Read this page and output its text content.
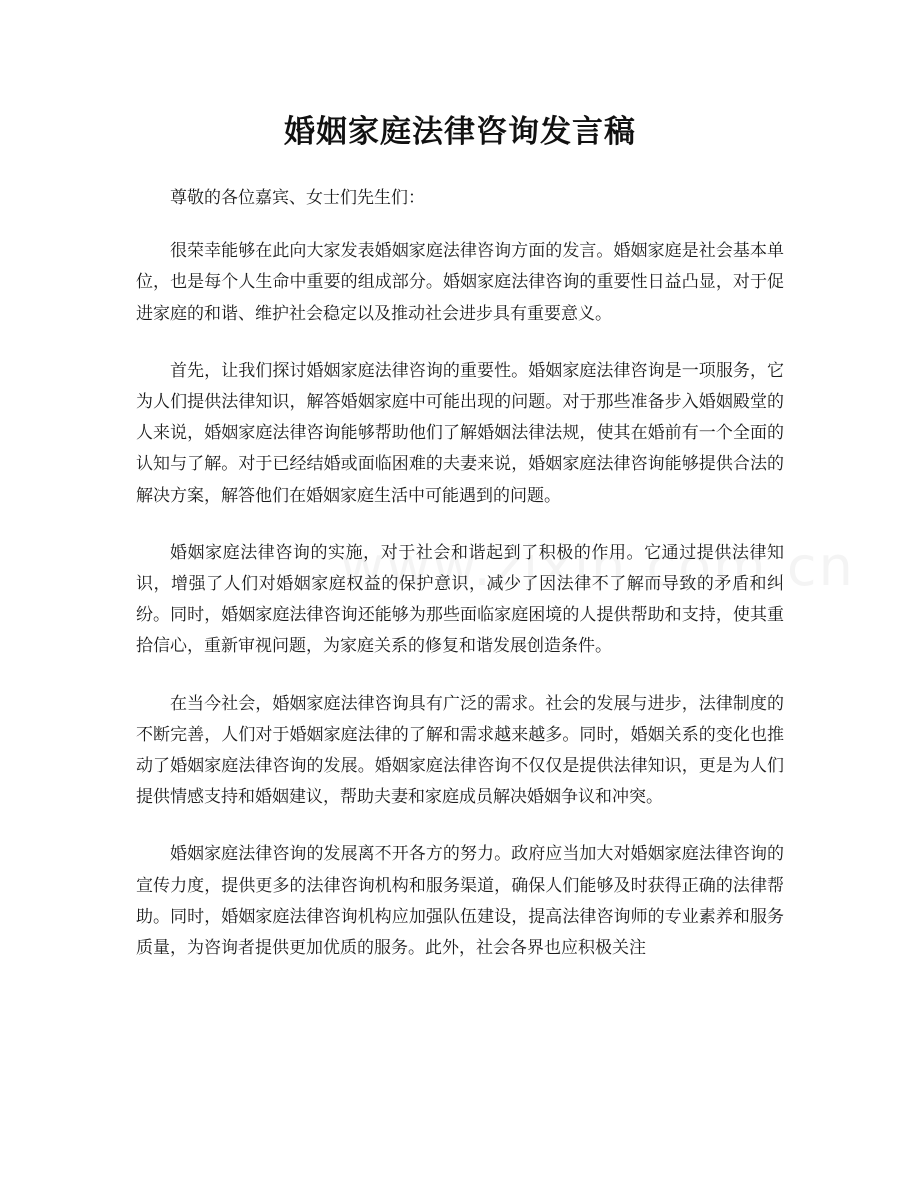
婚姻家庭法律咨询发言稿

尊敬的各位嘉宾、女士们先生们：

很荣幸能够在此向大家发表婚姻家庭法律咨询方面的发言。婚姻家庭是社会基本单位，也是每个人生命中重要的组成部分。婚姻家庭法律咨询的重要性日益凸显，对于促进家庭的和谐、维护社会稳定以及推动社会进步具有重要意义。

首先，让我们探讨婚姻家庭法律咨询的重要性。婚姻家庭法律咨询是一项服务，它为人们提供法律知识，解答婚姻家庭中可能出现的问题。对于那些准备步入婚姻殿堂的人来说，婚姻家庭法律咨询能够帮助他们了解婚姻法律法规，使其在婚前有一个全面的认知与了解。对于已经结婚或面临困难的夫妻来说，婚姻家庭法律咨询能够提供合法的解决方案，解答他们在婚姻家庭生活中可能遇到的问题。

婚姻家庭法律咨询的实施，对于社会和谐起到了积极的作用。它通过提供法律知识，增强了人们对婚姻家庭权益的保护意识，减少了因法律不了解而导致的矛盾和纠纷。同时，婚姻家庭法律咨询还能够为那些面临家庭困境的人提供帮助和支持，使其重拾信心，重新审视问题，为家庭关系的修复和谐发展创造条件。

在当今社会，婚姻家庭法律咨询具有广泛的需求。社会的发展与进步，法律制度的不断完善，人们对于婚姻家庭法律的了解和需求越来越多。同时，婚姻关系的变化也推动了婚姻家庭法律咨询的发展。婚姻家庭法律咨询不仅仅是提供法律知识，更是为人们提供情感支持和婚姻建议，帮助夫妻和家庭成员解决婚姻争议和冲突。

婚姻家庭法律咨询的发展离不开各方的努力。政府应当加大对婚姻家庭法律咨询的宣传力度，提供更多的法律咨询机构和服务渠道，确保人们能够及时获得正确的法律帮助。同时，婚姻家庭法律咨询机构应加强队伍建设，提高法律咨询师的专业素养和服务质量，为咨询者提供更加优质的服务。此外，社会各界也应积极关注
